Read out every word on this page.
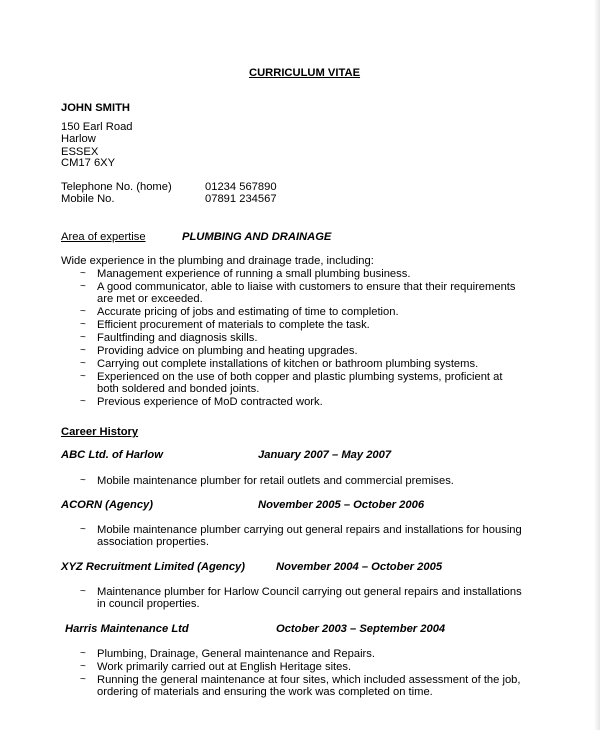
CURRICULUM VITAE
JOHN SMITH
150 Earl Road
Harlow
ESSEX
CM17 6XY
Telephone No. (home)	01234 567890
Mobile No.	07891 234567
Area of expertise	PLUMBING AND DRAINAGE
Wide experience in the plumbing and drainage trade, including:
~ Management experience of running a small plumbing business.
~ A good communicator, able to liaise with customers to ensure that their requirements
are met or exceeded.
~ Accurate pricing of jobs and estimating of time to completion.
~ Efficient procurement of materials to complete the task.
~ Faultfinding and diagnosis skills.
~ Providing advice on plumbing and heating upgrades.
~ Carrying out complete installations of kitchen or bathroom plumbing systems.
~ Experienced on the use of both copper and plastic plumbing systems, proficient at
both soldered and bonded joints.
~ Previous experience of MoD contracted work.
Career History
ABC Ltd. of Harlow	January 2007 – May 2007
~ Mobile maintenance plumber for retail outlets and commercial premises.
ACORN (Agency)	November 2005 – October 2006
~ Mobile maintenance plumber carrying out general repairs and installations for housing
association properties.
XYZ Recruitment Limited (Agency)	November 2004 – October 2005
~ Maintenance plumber for Harlow Council carrying out general repairs and installations
in council properties.
Harris Maintenance Ltd	October 2003 – September 2004
~ Plumbing, Drainage, General maintenance and Repairs.
~ Work primarily carried out at English Heritage sites.
~ Running the general maintenance at four sites, which included assessment of the job,
ordering of materials and ensuring the work was completed on time.
